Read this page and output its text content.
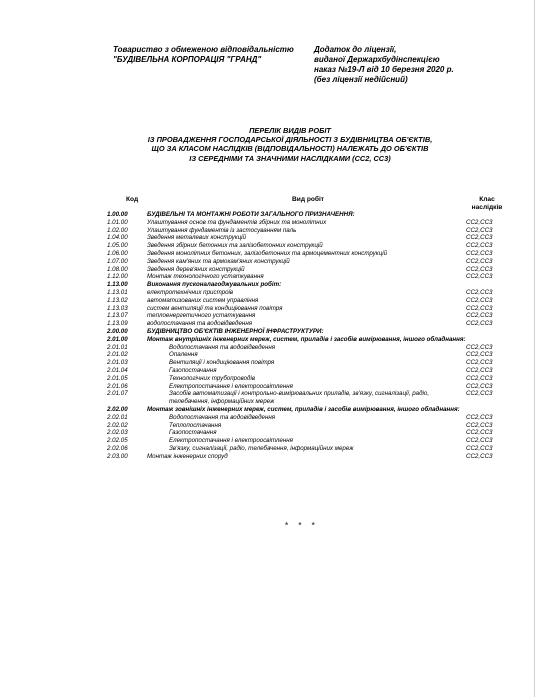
Товариство з обмеженою відповідальністю
"БУДІВЕЛЬНА КОРПОРАЦІЯ "ГРАНД"
Додаток до ліцензії,
виданої Держархбудінспекцією
наказ №19-Л від 10 березня 2020 р.
(без ліцензії недійсний)
ПЕРЕЛІК ВИДІВ РОБІТ
ІЗ ПРОВАДЖЕННЯ ГОСПОДАРСЬКОЇ ДІЯЛЬНОСТІ З БУДІВНИЦТВА ОБ'ЄКТІВ,
ЩО ЗА КЛАСОМ НАСЛІДКІВ (ВІДПОВІДАЛЬНОСТІ) НАЛЕЖАТЬ ДО ОБ'ЄКТІВ
ІЗ СЕРЕДНІМИ ТА ЗНАЧНИМИ НАСЛІДКАМИ (СС2, СС3)
Код	Вид робіт	Клас
наслідків
1.00.00	БУДІВЕЛЬНІ ТА МОНТАЖНІ РОБОТИ ЗАГАЛЬНОГО ПРИЗНАЧЕННЯ:
1.01.00	Улаштування основ та фундаментів збірних та монолітних	СС2,СС3
1.02.00	Улаштування фундаментів із застосуванням паль	СС2,СС3
1.04.00	Зведення металевих конструкцій	СС2,СС3
1.05.00	Зведення збірних бетонних та залізобетонних конструкцій	СС2,СС3
1.06.00	Зведення монолітних бетонних, залізобетонних та армоцементних конструкцій	СС2,СС3
1.07.00	Зведення кам'яних та армокам'яних конструкцій	СС2,СС3
1.08.00	Зведення дерев'яних конструкцій	СС2,СС3
1.12.00	Монтаж технологічного устаткування	СС2,СС3
1.13.00	Виконання пусконалагоджувальних робіт:
1.13.01	електротехнічних пристроїв	СС2,СС3
1.13.02	автоматизованих систем управління	СС2,СС3
1.13.03	систем вентиляції та кондиціювання повітря	СС2,СС3
1.13.07	теплоенергетичного устаткування	СС2,СС3
1.13.09	водопостачання та водовідведення	СС2,СС3
2.00.00	БУДІВНИЦТВО ОБ'ЄКТІВ ІНЖЕНЕРНОЇ ІНФРАСТРУКТУРИ:
2.01.00	Монтаж внутрішніх інженерних мереж, систем, приладів і засобів вимірювання, іншого обладнання:
2.01.01	Водопостачання та водовідведення	СС2,СС3
2.01.02	Опалення	СС2,СС3
2.01.03	Вентиляції і кондиціювання повітря	СС2,СС3
2.01.04	Газопостачання	СС2,СС3
2.01.05	Технологічних трубопроводів	СС2,СС3
2.01.06	Електропостачання і електроосвітлення	СС2,СС3
2.01.07	Засобів автоматизації і контрольно-вимірювальних приладів, зв'язку, сигналізації, радіо, телебачення, інформаційних мереж
СС2,СС3
2.02.00	Монтаж зовнішніх інженерних мереж, систем, приладів і засобів вимірювання, іншого обладнання:
2.02.01	Водопостачання та водовідведення	СС2,СС3
2.02.02	Теплопостачання	СС2,СС3
2.02.03	Газопостачання	СС2,СС3
2.02.05	Електропостачання і електроосвітлення	СС2,СС3
2.02.06	Зв'язку, сигналізації, радіо, телебачення, інформаційних мереж	СС2,СС3
2.03.00	Монтаж інженерних споруд	СС2,СС3
* * *
